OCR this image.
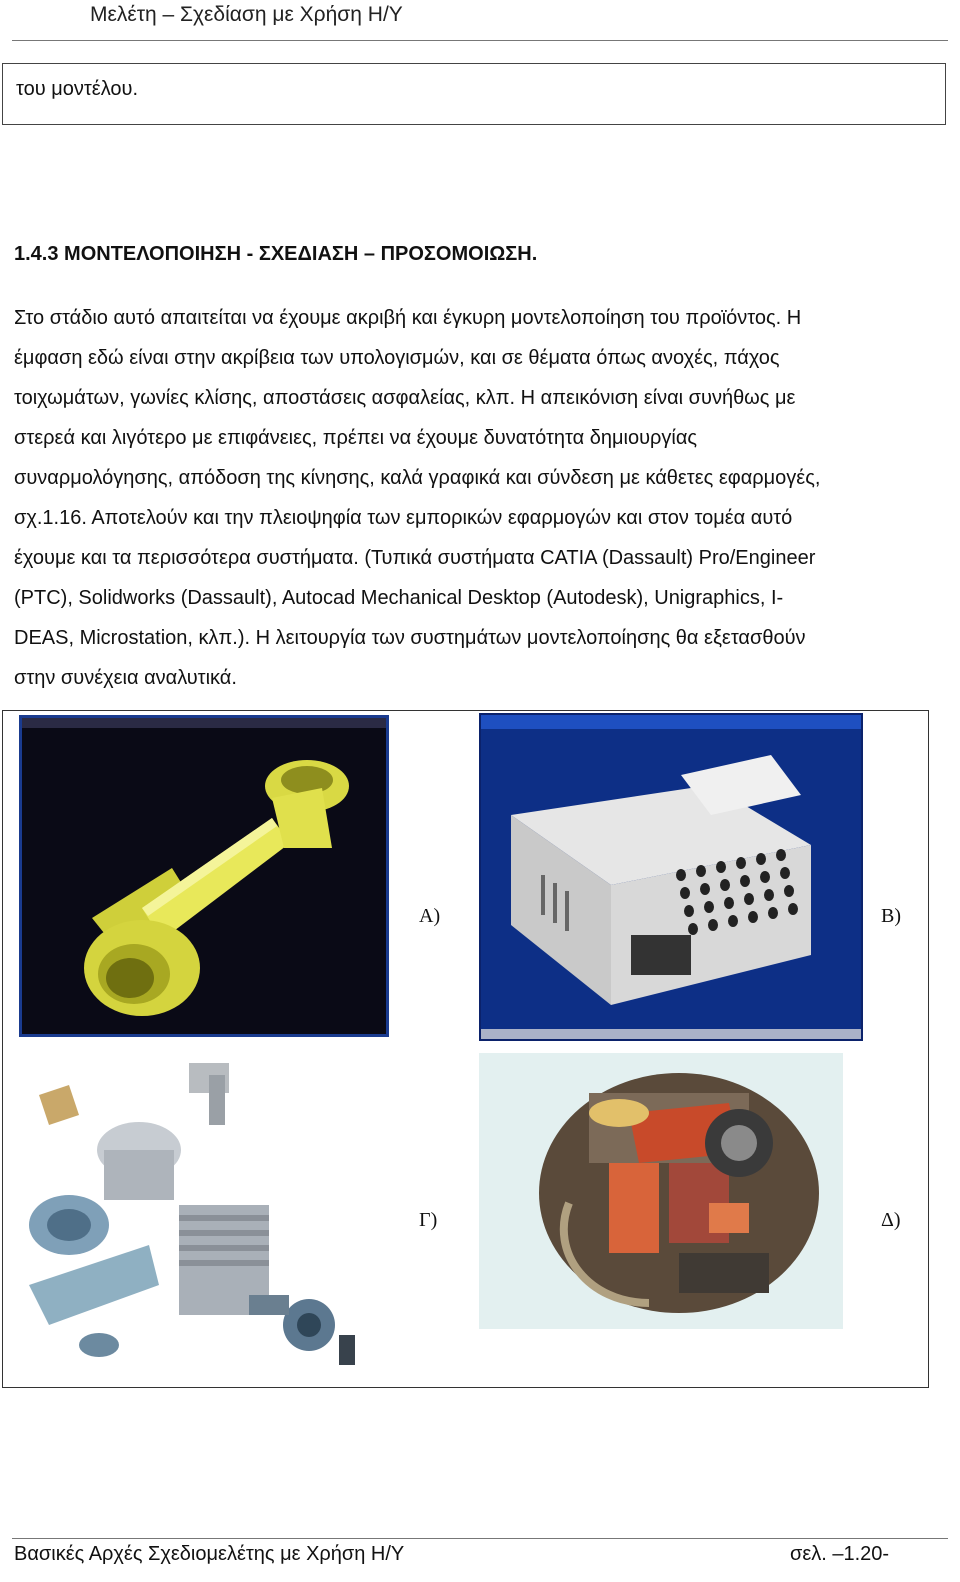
Μελέτη – Σχεδίαση με Χρήση Η/Υ
του μοντέλου.
1.4.3 ΜΟΝΤΕΛΟΠΟΙΗΣΗ - ΣΧΕΔΙΑΣΗ – ΠΡΟΣΟΜΟΙΩΣΗ.
Στο στάδιο αυτό απαιτείται να έχουμε ακριβή και έγκυρη μοντελοποίηση του προϊόντος. Η
έμφαση εδώ είναι στην ακρίβεια των υπολογισμών, και σε θέματα όπως ανοχές, πάχος
τοιχωμάτων, γωνίες κλίσης, αποστάσεις ασφαλείας, κλπ. Η απεικόνιση είναι συνήθως με
στερεά και λιγότερο με επιφάνειες, πρέπει να έχουμε δυνατότητα δημιουργίας
συναρμολόγησης, απόδοση της κίνησης, καλά γραφικά και σύνδεση με κάθετες εφαρμογές,
σχ.1.16. Αποτελούν και την πλειοψηφία των εμπορικών εφαρμογών και στον τομέα αυτό
έχουμε και τα περισσότερα συστήματα. (Τυπικά συστήματα CATIA (Dassault) Pro/Engineer
(PTC), Solidworks (Dassault), Autocad Mechanical Desktop (Autodesk), Unigraphics, I-
DEAS, Microstation, κλπ.). Η λειτουργία των συστημάτων μοντελοποίησης θα εξετασθούν
στην συνέχεια αναλυτικά.
Α)	Β)
Γ)	Δ)
Βασικές Αρχές Σχεδιομελέτης με Χρήση Η/Υ	σελ. –1.20-
